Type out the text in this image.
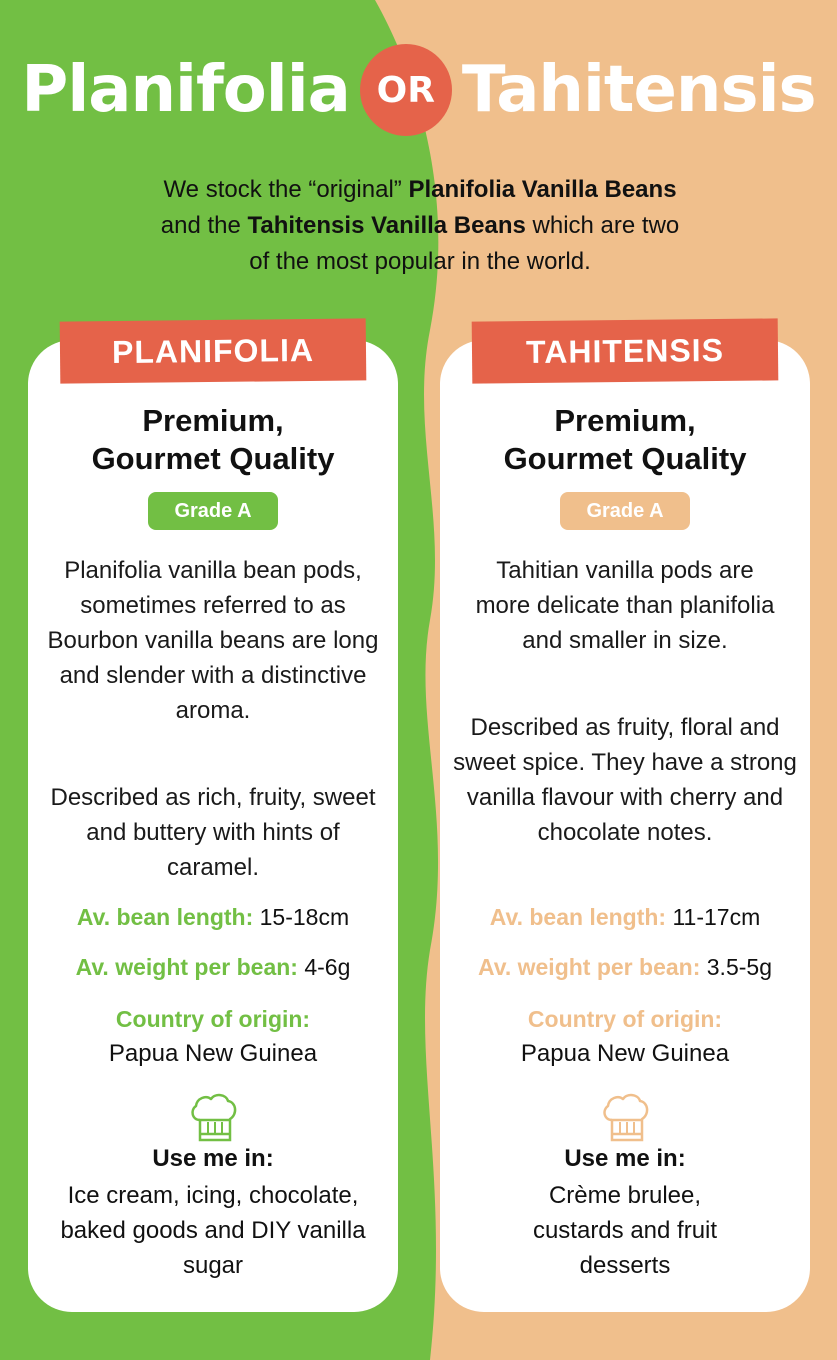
Planifolia OR Tahitensis
We stock the “original” Planifolia Vanilla Beans
and the Tahitensis Vanilla Beans which are two
of the most popular in the world.
PLANIFOLIA
Premium,
Gourmet Quality
Grade A
Planifolia vanilla bean pods, sometimes referred to as Bourbon vanilla beans are long and slender with a distinctive aroma.
Described as rich, fruity, sweet and buttery with hints of caramel.
Av. bean length: 15-18cm
Av. weight per bean: 4-6g
Country of origin:
Papua New Guinea
Use me in:
Ice cream, icing, chocolate, baked goods and DIY vanilla sugar
TAHITENSIS
Premium,
Gourmet Quality
Grade A
Tahitian vanilla pods are more delicate than planifolia and smaller in size.
Described as fruity, floral and sweet spice. They have a strong vanilla flavour with cherry and chocolate notes.
Av. bean length: 11-17cm
Av. weight per bean: 3.5-5g
Country of origin:
Papua New Guinea
Use me in:
Crème brulee, custards and fruit desserts
